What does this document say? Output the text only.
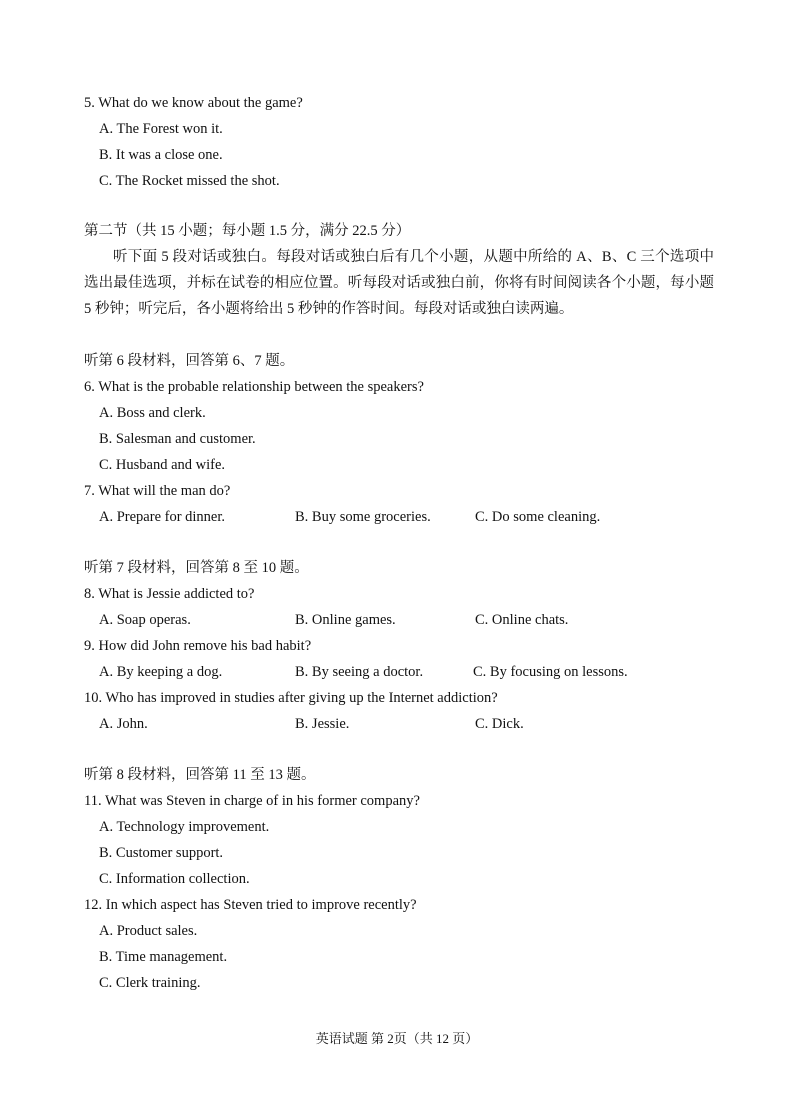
5. What do we know about the game?
A. The Forest won it.
B. It was a close one.
C. The Rocket missed the shot.
第二节（共 15 小题；每小题 1.5 分，满分 22.5 分）
听下面 5 段对话或独白。每段对话或独白后有几个小题，从题中所给的 A、B、C 三个选项中选出最佳选项，并标在试卷的相应位置。听每段对话或独白前，你将有时间阅读各个小题，每小题 5 秒钟；听完后，各小题将给出 5 秒钟的作答时间。每段对话或独白读两遍。
听第 6 段材料，回答第 6、7 题。
6. What is the probable relationship between the speakers?
A. Boss and clerk.
B. Salesman and customer.
C. Husband and wife.
7. What will the man do?
A. Prepare for dinner.	B. Buy some groceries.	C. Do some cleaning.
听第 7 段材料，回答第 8 至 10 题。
8. What is Jessie addicted to?
A. Soap operas.	B. Online games.	C. Online chats.
9. How did John remove his bad habit?
A. By keeping a dog.	B. By seeing a doctor.	C. By focusing on lessons.
10. Who has improved in studies after giving up the Internet addiction?
A. John.	B. Jessie.	C. Dick.
听第 8 段材料，回答第 11 至 13 题。
11. What was Steven in charge of in his former company?
A. Technology improvement.
B. Customer support.
C. Information collection.
12. In which aspect has Steven tried to improve recently?
A. Product sales.
B. Time management.
C. Clerk training.
英语试题 第 2页（共 12 页）
